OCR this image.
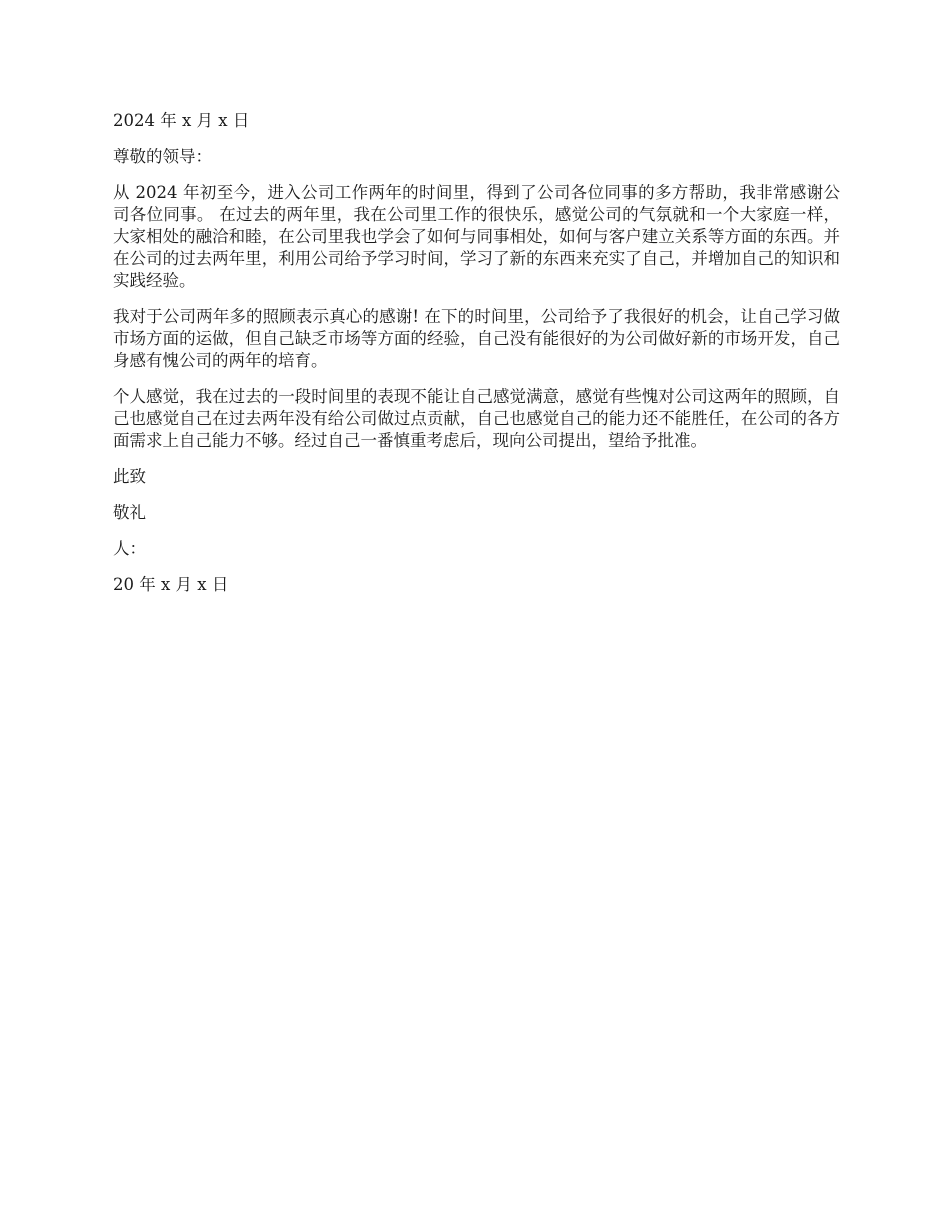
2024 年 x 月 x 日

尊敬的领导：

从 2024 年初至今，进入公司工作两年的时间里，得到了公司各位同事的多方帮助，我非常感谢公司各位同事。 在过去的两年里，我在公司里工作的很快乐，感觉公司的气氛就和一个大家庭一样，大家相处的融洽和睦，在公司里我也学会了如何与同事相处，如何与客户建立关系等方面的东西。并在公司的过去两年里，利用公司给予学习时间，学习了新的东西来充实了自己，并增加自己的知识和实践经验。

我对于公司两年多的照顾表示真心的感谢! 在下的时间里，公司给予了我很好的机会，让自己学习做市场方面的运做，但自己缺乏市场等方面的经验，自己没有能很好的为公司做好新的市场开发，自己身感有愧公司的两年的培育。

个人感觉，我在过去的一段时间里的表现不能让自己感觉满意，感觉有些愧对公司这两年的照顾，自己也感觉自己在过去两年没有给公司做过点贡献，自己也感觉自己的能力还不能胜任，在公司的各方面需求上自己能力不够。经过自己一番慎重考虑后，现向公司提出，望给予批准。

此致

敬礼

人：

20 年 x 月 x 日
